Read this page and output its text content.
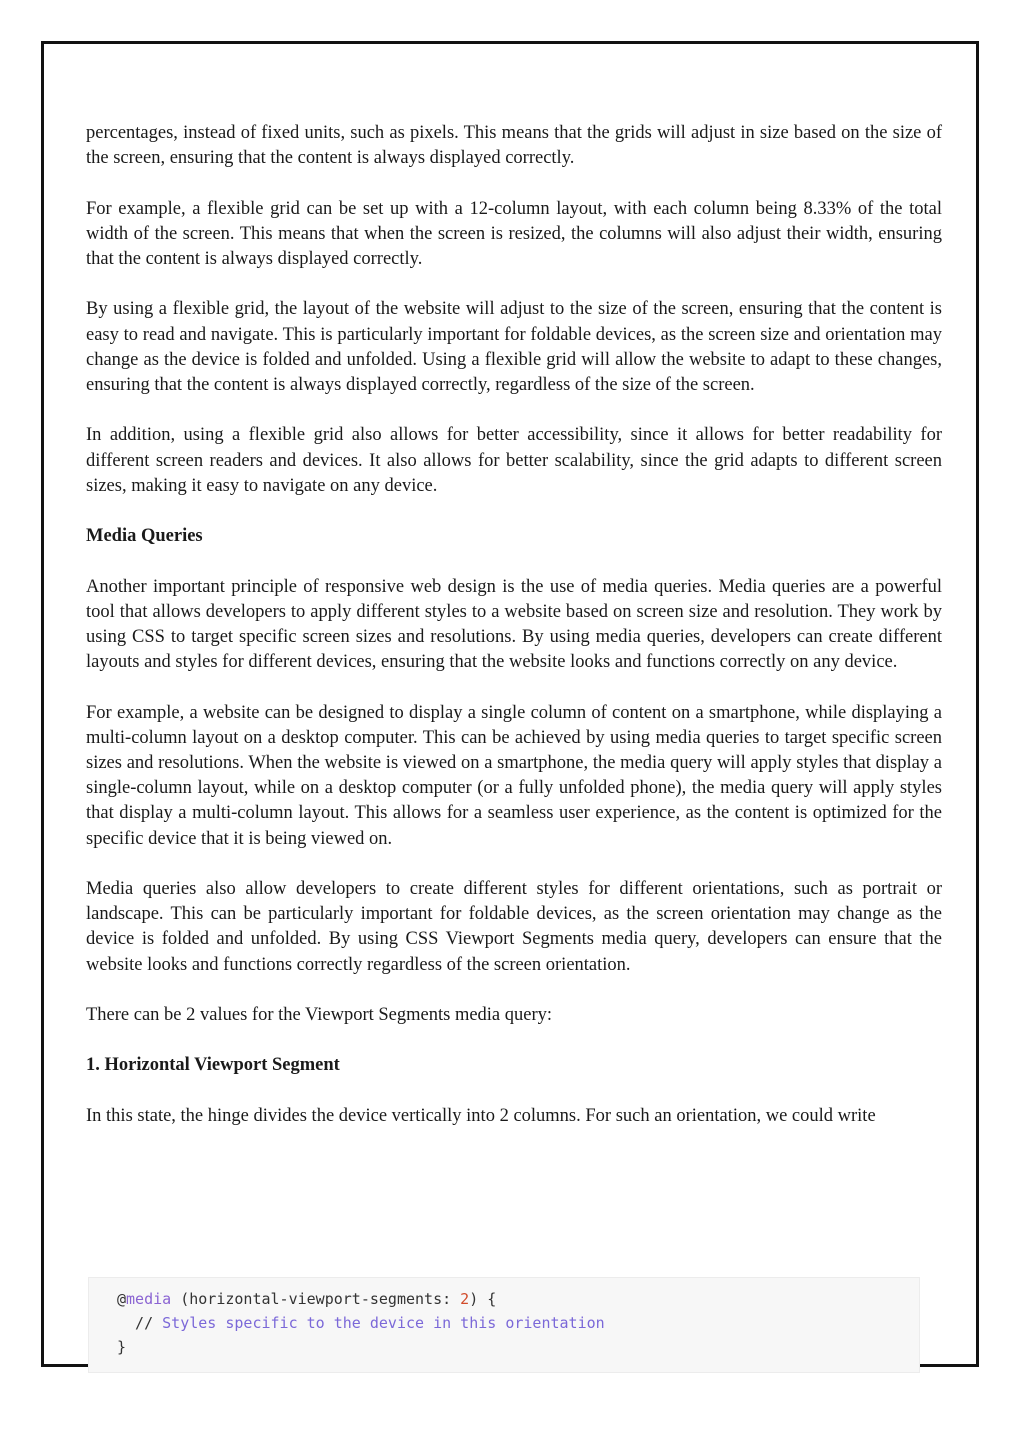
percentages, instead of fixed units, such as pixels. This means that the grids will adjust in size based on the size of the screen, ensuring that the content is always displayed correctly.

For example, a flexible grid can be set up with a 12-column layout, with each column being 8.33% of the total width of the screen. This means that when the screen is resized, the columns will also adjust their width, ensuring that the content is always displayed correctly.

By using a flexible grid, the layout of the website will adjust to the size of the screen, ensuring that the content is easy to read and navigate. This is particularly important for foldable devices, as the screen size and orientation may change as the device is folded and unfolded. Using a flexible grid will allow the website to adapt to these changes, ensuring that the content is always displayed correctly, regardless of the size of the screen.

In addition, using a flexible grid also allows for better accessibility, since it allows for better readability for different screen readers and devices. It also allows for better scalability, since the grid adapts to different screen sizes, making it easy to navigate on any device.

Media Queries

Another important principle of responsive web design is the use of media queries. Media queries are a powerful tool that allows developers to apply different styles to a website based on screen size and resolution. They work by using CSS to target specific screen sizes and resolutions. By using media queries, developers can create different layouts and styles for different devices, ensuring that the website looks and functions correctly on any device.

For example, a website can be designed to display a single column of content on a smartphone, while displaying a multi-column layout on a desktop computer. This can be achieved by using media queries to target specific screen sizes and resolutions. When the website is viewed on a smartphone, the media query will apply styles that display a single-column layout, while on a desktop computer (or a fully unfolded phone), the media query will apply styles that display a multi-column layout. This allows for a seamless user experience, as the content is optimized for the specific device that it is being viewed on.

Media queries also allow developers to create different styles for different orientations, such as portrait or landscape. This can be particularly important for foldable devices, as the screen orientation may change as the device is folded and unfolded. By using CSS Viewport Segments media query, developers can ensure that the website looks and functions correctly regardless of the screen orientation.

There can be 2 values for the Viewport Segments media query:

1. Horizontal Viewport Segment

In this state, the hinge divides the device vertically into 2 columns. For such an orientation, we could write

@media (horizontal-viewport-segments: 2) {
// Styles specific to the device in this orientation
}
